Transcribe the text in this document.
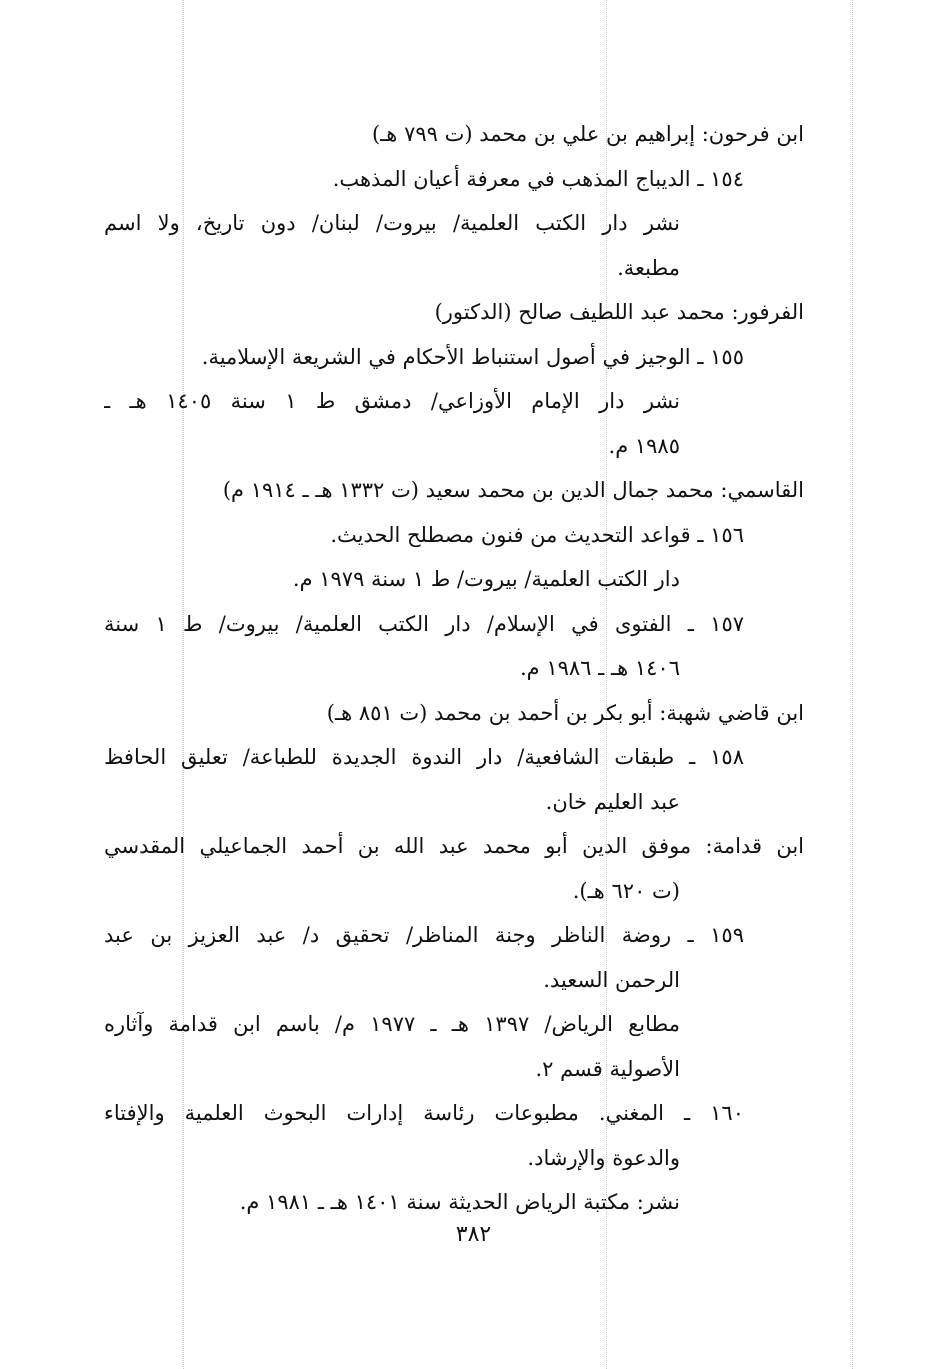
ابن فرحون: إبراهيم بن علي بن محمد (ت ٧٩٩ هـ)
١٥٤ ـ الديباج المذهب في معرفة أعيان المذهب.
نشر دار الكتب العلمية/ بيروت/ لبنان/ دون تاريخ، ولا اسم
مطبعة.
الفرفور: محمد عبد اللطيف صالح (الدكتور)
١٥٥ ـ الوجيز في أصول استنباط الأحكام في الشريعة الإسلامية.
نشر دار الإمام الأوزاعي/ دمشق ط ١ سنة ١٤٠٥ هـ ـ
١٩٨٥ م.
القاسمي: محمد جمال الدين بن محمد سعيد (ت ١٣٣٢ هـ ـ ١٩١٤ م)
١٥٦ ـ قواعد التحديث من فنون مصطلح الحديث.
دار الكتب العلمية/ بيروت/ ط ١ سنة ١٩٧٩ م.
١٥٧ ـ الفتوى في الإسلام/ دار الكتب العلمية/ بيروت/ ط ١ سنة
١٤٠٦ هـ ـ ١٩٨٦ م.
ابن قاضي شهبة: أبو بكر بن أحمد بن محمد (ت ٨٥١ هـ)
١٥٨ ـ طبقات الشافعية/ دار الندوة الجديدة للطباعة/ تعليق الحافظ
عبد العليم خان.
ابن قدامة: موفق الدين أبو محمد عبد الله بن أحمد الجماعيلي المقدسي
(ت ٦٢٠ هـ).
١٥٩ ـ روضة الناظر وجنة المناظر/ تحقيق د/ عبد العزيز بن عبد
الرحمن السعيد.
مطابع الرياض/ ١٣٩٧ هـ ـ ١٩٧٧ م/ باسم ابن قدامة وآثاره
الأصولية قسم ٢.
١٦٠ ـ المغني. مطبوعات رئاسة إدارات البحوث العلمية والإفتاء
والدعوة والإرشاد.
نشر: مكتبة الرياض الحديثة سنة ١٤٠١ هـ ـ ١٩٨١ م.
٣٨٢
